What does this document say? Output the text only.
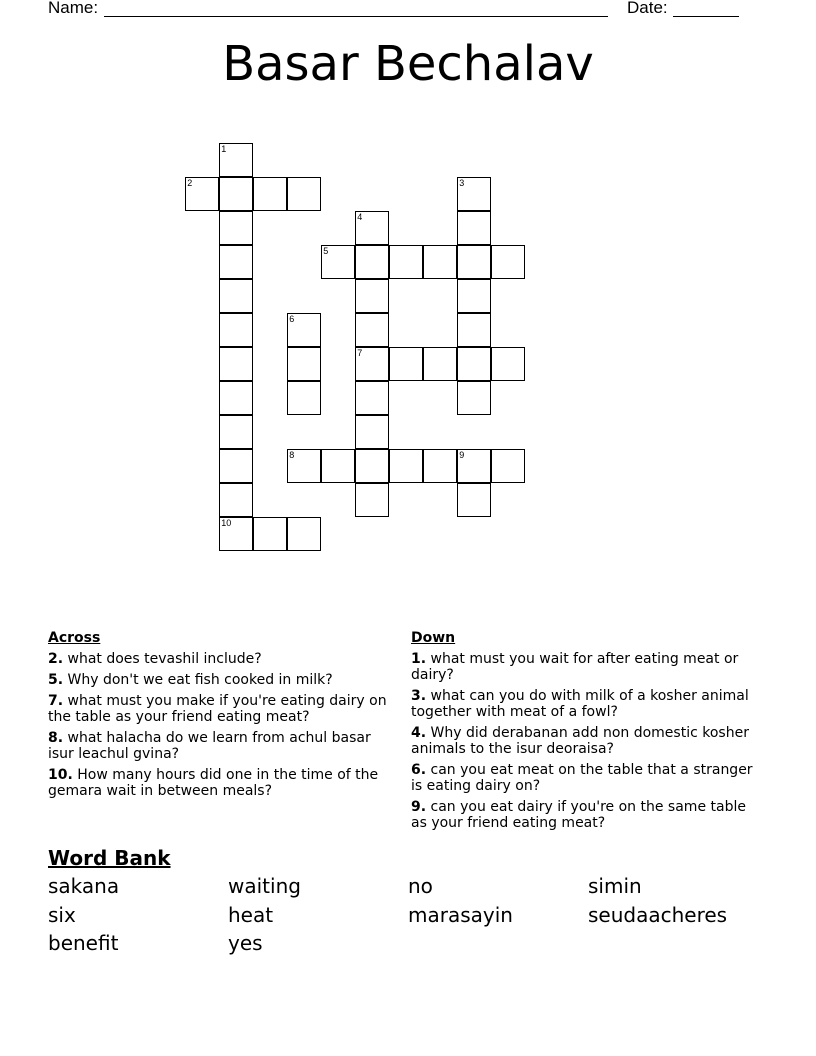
Name:	Date:
Basar Bechalav
1
2	3
4
5
6
7
8	9
10
Across
2. what does tevashil include?
5. Why don't we eat fish cooked in milk?
7. what must you make if you're eating dairy on the table as your friend eating meat?
8. what halacha do we learn from achul basar isur leachul gvina?
10. How many hours did one in the time of the gemara wait in between meals?
Down
1. what must you wait for after eating meat or dairy?
3. what can you do with milk of a kosher animal together with meat of a fowl?
4. Why did derabanan add non domestic kosher animals to the isur deoraisa?
6. can you eat meat on the table that a stranger is eating dairy on?
9. can you eat dairy if you're on the same table as your friend eating meat?
Word Bank
sakana	waiting	no	simin
six	heat	marasayin	seudaacheres
benefit	yes
